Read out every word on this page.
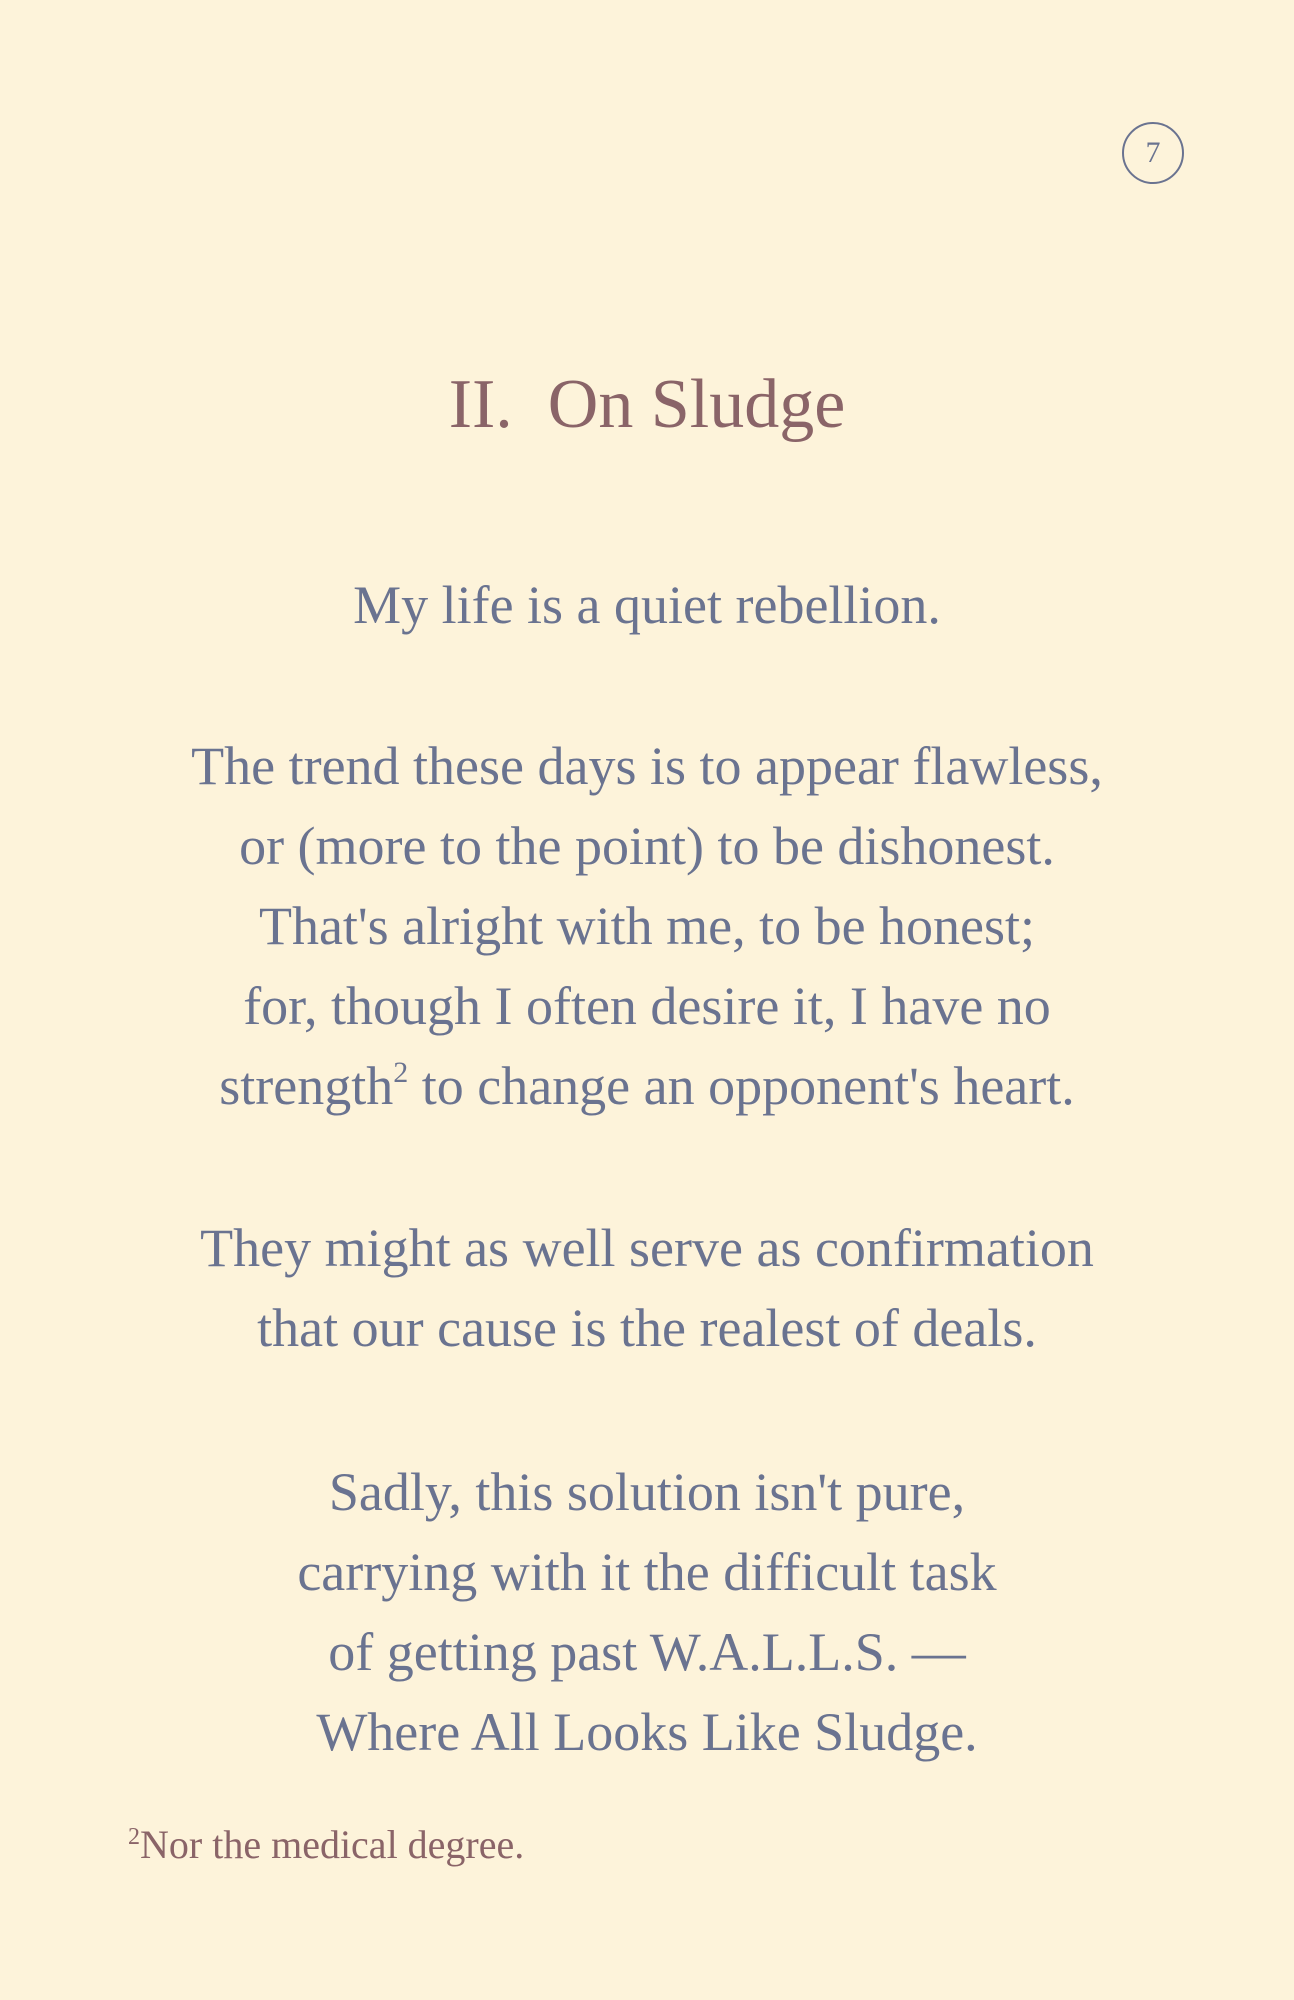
7
II.  On Sludge
My life is a quiet rebellion.
The trend these days is to appear flawless,
or (more to the point) to be dishonest.
That's alright with me, to be honest;
for, though I often desire it, I have no
strength$^2$ to change an opponent's heart.
They might as well serve as confirmation
that our cause is the realest of deals.
Sadly, this solution isn't pure,
carrying with it the difficult task
of getting past W.A.L.L.S. —
Where All Looks Like Sludge.
$^2$Nor the medical degree.
